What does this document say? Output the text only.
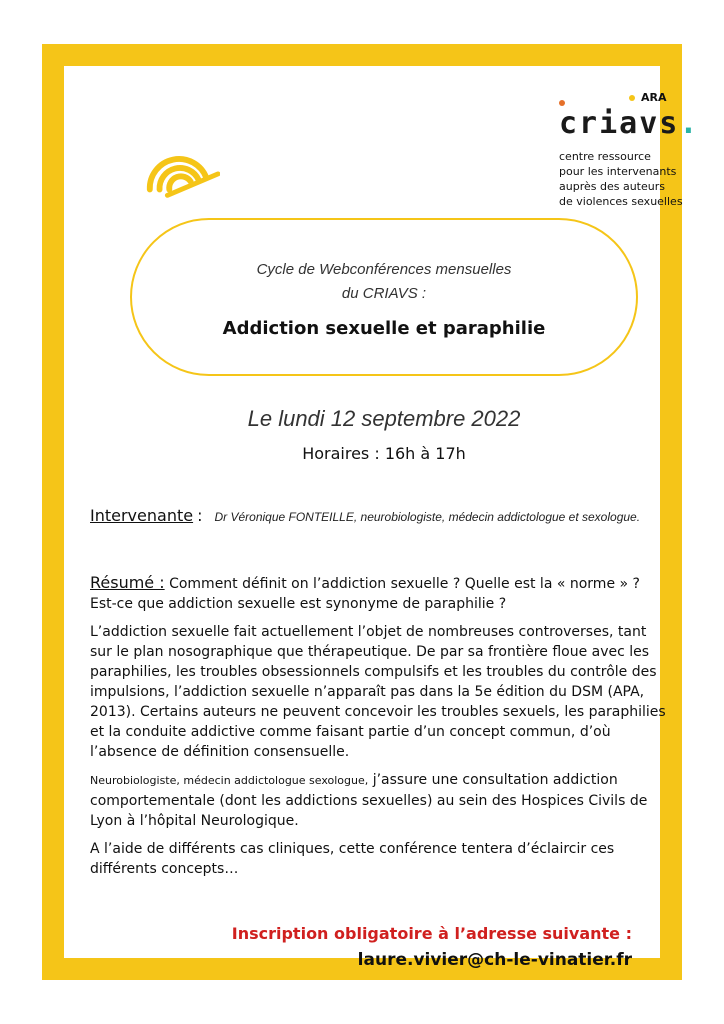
ARA
criavs.
centre ressource
pour les intervenants
auprès des auteurs
de violences sexuelles
Cycle de Webconférences mensuelles
du CRIAVS :
Addiction sexuelle et paraphilie
Le lundi 12 septembre 2022
Horaires : 16h à 17h
Intervenante : Dr Véronique FONTEILLE, neurobiologiste, médecin addictologue et sexologue.
Résumé : Comment définit on l’addiction sexuelle ? Quelle est la « norme » ? Est-ce que addiction sexuelle est synonyme de paraphilie ?
L’addiction sexuelle fait actuellement l’objet de nombreuses controverses, tant sur le plan nosographique que thérapeutique. De par sa frontière floue avec les paraphilies, les troubles obsessionnels compulsifs et les troubles du contrôle des impulsions, l’addiction sexuelle n’apparaît pas dans la 5e édition du DSM (APA, 2013). Certains auteurs ne peuvent concevoir les troubles sexuels, les paraphilies et la conduite addictive comme faisant partie d’un concept commun, d’où l’absence de définition consensuelle.
Neurobiologiste, médecin addictologue sexologue, j’assure une consultation addiction comportementale (dont les addictions sexuelles) au sein des Hospices Civils de Lyon à l’hôpital Neurologique.
A l’aide de différents cas cliniques, cette conférence tentera d’éclaircir ces différents concepts…
Inscription obligatoire à l’adresse suivante :
laure.vivier@ch-le-vinatier.fr
